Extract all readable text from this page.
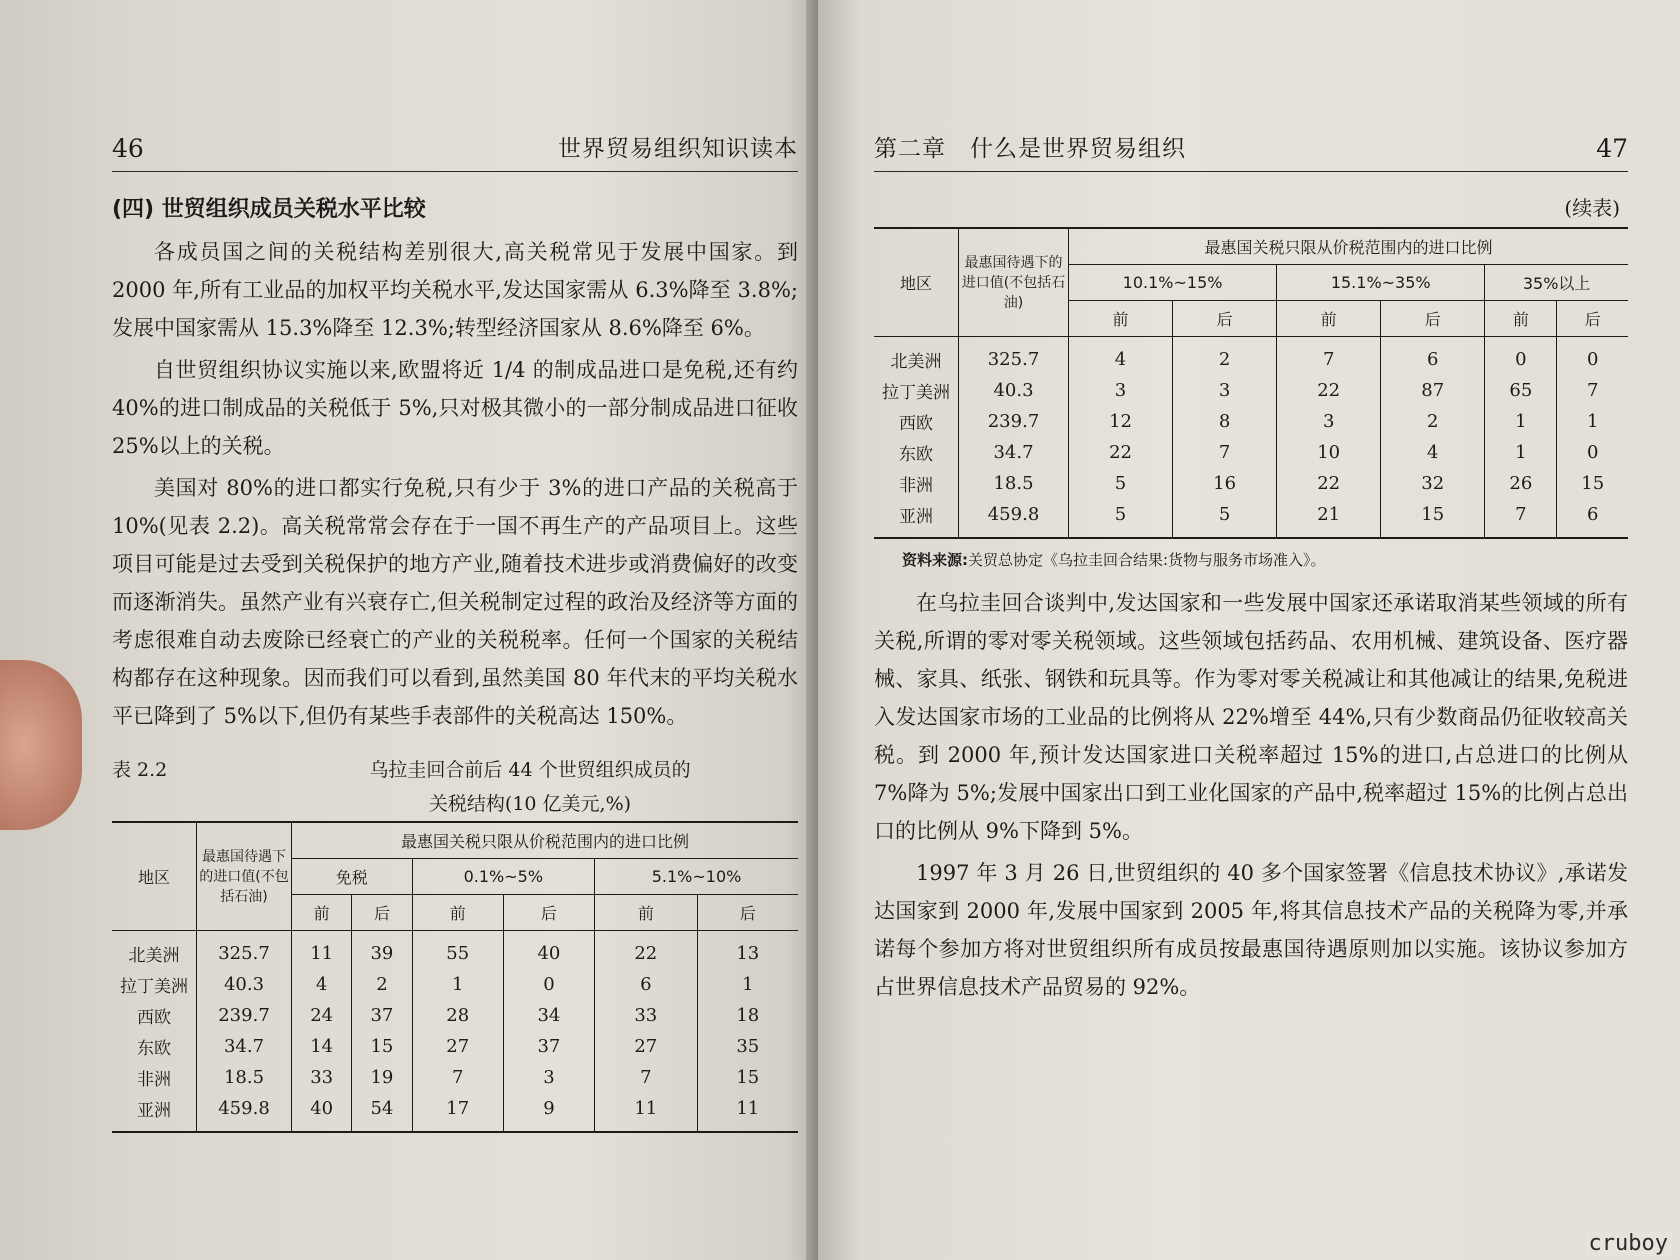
46	世界贸易组织知识读本
(四) 世贸组织成员关税水平比较

各成员国之间的关税结构差别很大,高关税常见于发展中国家。到 2000 年,所有工业品的加权平均关税水平,发达国家需从 6.3%降至 3.8%;发展中国家需从 15.3%降至 12.3%;转型经济国家从 8.6%降至 6%。

自世贸组织协议实施以来,欧盟将近 1/4 的制成品进口是免税,还有约 40%的进口制成品的关税低于 5%,只对极其微小的一部分制成品进口征收 25%以上的关税。

美国对 80%的进口都实行免税,只有少于 3%的进口产品的关税高于 10%(见表 2.2)。高关税常常会存在于一国不再生产的产品项目上。这些项目可能是过去受到关税保护的地方产业,随着技术进步或消费偏好的改变而逐渐消失。虽然产业有兴衰存亡,但关税制定过程的政治及经济等方面的考虑很难自动去废除已经衰亡的产业的关税税率。任何一个国家的关税结构都存在这种现象。因而我们可以看到,虽然美国 80 年代末的平均关税水平已降到了 5%以下,但仍有某些手表部件的关税高达 150%。

表 2.2	乌拉圭回合前后 44 个世贸组织成员的
关税结构(10 亿美元,%)
地区	最惠国待遇下的进口值(不包括石油)	最惠国关税只限从价税范围内的进口比例					
		免税		0.1%~5%		5.1%~10%	
		前	后	前	后	前	后
北美洲	325.7	11	39	55	40	22	13
拉丁美洲	40.3	4	2	1	0	6	1
西欧	239.7	24	37	28	34	33	18
东欧	34.7	14	15	27	37	27	35
非洲	18.5	33	19	7	3	7	15
亚洲	459.8	40	54	17	9	11	11
第二章　什么是世界贸易组织	47
(续表)
地区	最惠国待遇下的进口值(不包括石油)	最惠国关税只限从价税范围内的进口比例					
		10.1%~15%		15.1%~35%		35%以上	
		前	后	前	后	前	后
北美洲	325.7	4	2	7	6	0	0
拉丁美洲	40.3	3	3	22	87	65	7
西欧	239.7	12	8	3	2	1	1
东欧	34.7	22	7	10	4	1	0
非洲	18.5	5	16	22	32	26	15
亚洲	459.8	5	5	21	15	7	6
资料来源:关贸总协定《乌拉圭回合结果:货物与服务市场准入》。

在乌拉圭回合谈判中,发达国家和一些发展中国家还承诺取消某些领域的所有关税,所谓的零对零关税领域。这些领域包括药品、农用机械、建筑设备、医疗器械、家具、纸张、钢铁和玩具等。作为零对零关税减让和其他减让的结果,免税进入发达国家市场的工业品的比例将从 22%增至 44%,只有少数商品仍征收较高关税。到 2000 年,预计发达国家进口关税率超过 15%的进口,占总进口的比例从 7%降为 5%;发展中国家出口到工业化国家的产品中,税率超过 15%的比例占总出口的比例从 9%下降到 5%。

1997 年 3 月 26 日,世贸组织的 40 多个国家签署《信息技术协议》,承诺发达国家到 2000 年,发展中国家到 2005 年,将其信息技术产品的关税降为零,并承诺每个参加方将对世贸组织所有成员按最惠国待遇原则加以实施。该协议参加方占世界信息技术产品贸易的 92%。

cruboy
